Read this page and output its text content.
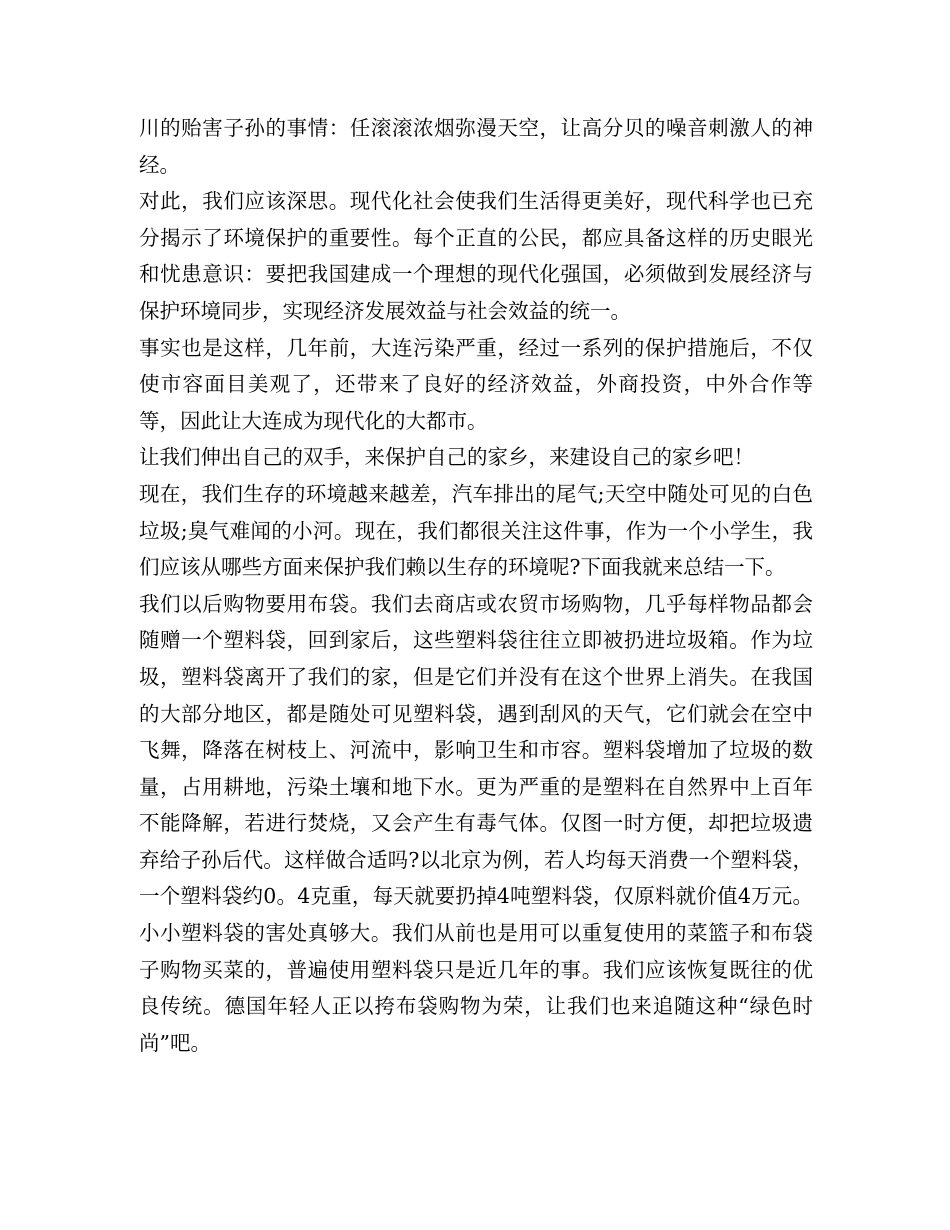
川的贻害子孙的事情：任滚滚浓烟弥漫天空，让高分贝的噪音刺激人的神经。

对此，我们应该深思。现代化社会使我们生活得更美好，现代科学也已充分揭示了环境保护的重要性。每个正直的公民，都应具备这样的历史眼光和忧患意识：要把我国建成一个理想的现代化强国，必须做到发展经济与保护环境同步，实现经济发展效益与社会效益的统一。

事实也是这样，几年前，大连污染严重，经过一系列的保护措施后，不仅使市容面目美观了，还带来了良好的经济效益，外商投资，中外合作等等，因此让大连成为现代化的大都市。

让我们伸出自己的双手，来保护自己的家乡，来建设自己的家乡吧！

现在，我们生存的环境越来越差，汽车排出的尾气;天空中随处可见的白色垃圾;臭气难闻的小河。现在，我们都很关注这件事，作为一个小学生，我们应该从哪些方面来保护我们赖以生存的环境呢?下面我就来总结一下。

我们以后购物要用布袋。我们去商店或农贸市场购物，几乎每样物品都会随赠一个塑料袋，回到家后，这些塑料袋往往立即被扔进垃圾箱。作为垃圾，塑料袋离开了我们的家，但是它们并没有在这个世界上消失。在我国的大部分地区，都是随处可见塑料袋，遇到刮风的天气，它们就会在空中飞舞，降落在树枝上、河流中，影响卫生和市容。塑料袋增加了垃圾的数量，占用耕地，污染土壤和地下水。更为严重的是塑料在自然界中上百年不能降解，若进行焚烧，又会产生有毒气体。仅图一时方便，却把垃圾遗弃给子孙后代。这样做合适吗?以北京为例，若人均每天消费一个塑料袋，一个塑料袋约0。4克重，每天就要扔掉4吨塑料袋，仅原料就价值4万元。小小塑料袋的害处真够大。我们从前也是用可以重复使用的菜篮子和布袋子购物买菜的，普遍使用塑料袋只是近几年的事。我们应该恢复既往的优良传统。德国年轻人正以挎布袋购物为荣，让我们也来追随这种“绿色时尚”吧。
